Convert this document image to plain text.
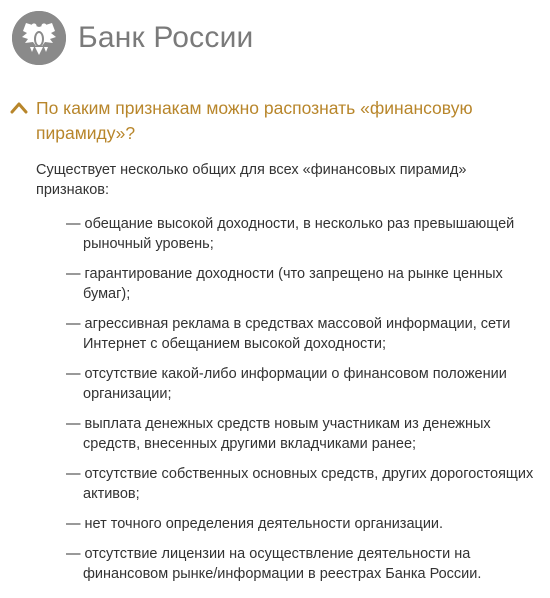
Банк России
По каким признакам можно распознать «финансовую пирамиду»?
Существует несколько общих для всех «финансовых пирамид» признаков:
— обещание высокой доходности, в несколько раз превышающей рыночный уровень;
— гарантирование доходности (что запрещено на рынке ценных бумаг);
— агрессивная реклама в средствах массовой информации, сети Интернет с обещанием высокой доходности;
— отсутствие какой-либо информации о финансовом положении организации;
— выплата денежных средств новым участникам из денежных средств, внесенных другими вкладчиками ранее;
— отсутствие собственных основных средств, других дорогостоящих активов;
— нет точного определения деятельности организации.
— отсутствие лицензии на осуществление деятельности на финансовом рынке/информации в реестрах Банка России.
